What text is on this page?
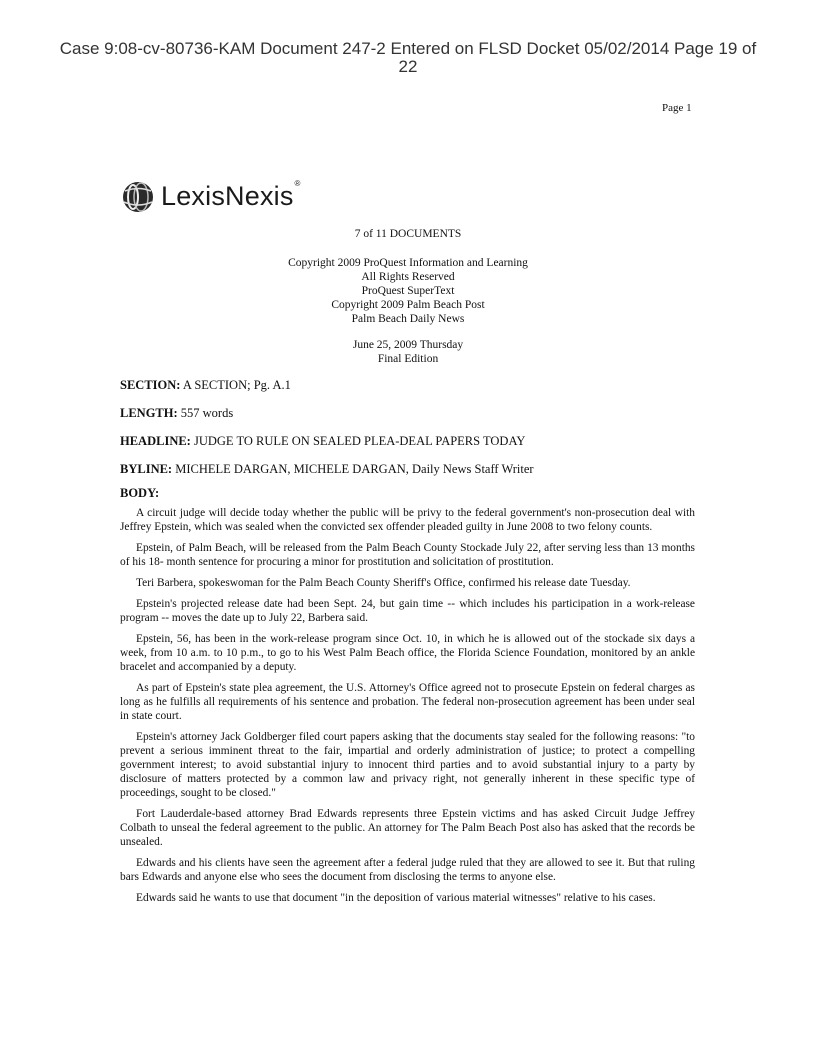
Case 9:08-cv-80736-KAM Document 247-2 Entered on FLSD Docket 05/02/2014 Page 19 of
22
Page 1
LexisNexis®
7 of 11 DOCUMENTS
Copyright 2009 ProQuest Information and Learning
All Rights Reserved
ProQuest SuperText
Copyright 2009 Palm Beach Post
Palm Beach Daily News
June 25, 2009 Thursday
Final Edition
SECTION: A SECTION; Pg. A.1
LENGTH: 557 words
HEADLINE: JUDGE TO RULE ON SEALED PLEA-DEAL PAPERS TODAY
BYLINE: MICHELE DARGAN, MICHELE DARGAN, Daily News Staff Writer
BODY:

A circuit judge will decide today whether the public will be privy to the federal government's non-prosecution deal with Jeffrey Epstein, which was sealed when the convicted sex offender pleaded guilty in June 2008 to two felony counts.

Epstein, of Palm Beach, will be released from the Palm Beach County Stockade July 22, after serving less than 13 months of his 18- month sentence for procuring a minor for prostitution and solicitation of prostitution.

Teri Barbera, spokeswoman for the Palm Beach County Sheriff's Office, confirmed his release date Tuesday.

Epstein's projected release date had been Sept. 24, but gain time -- which includes his participation in a work-release program -- moves the date up to July 22, Barbera said.

Epstein, 56, has been in the work-release program since Oct. 10, in which he is allowed out of the stockade six days a week, from 10 a.m. to 10 p.m., to go to his West Palm Beach office, the Florida Science Foundation, monitored by an ankle bracelet and accompanied by a deputy.

As part of Epstein's state plea agreement, the U.S. Attorney's Office agreed not to prosecute Epstein on federal charges as long as he fulfills all requirements of his sentence and probation. The federal non-prosecution agreement has been under seal in state court.

Epstein's attorney Jack Goldberger filed court papers asking that the documents stay sealed for the following reasons: "to prevent a serious imminent threat to the fair, impartial and orderly administration of justice; to protect a compelling government interest; to avoid substantial injury to innocent third parties and to avoid substantial injury to a party by disclosure of matters protected by a common law and privacy right, not generally inherent in these specific type of proceedings, sought to be closed."

Fort Lauderdale-based attorney Brad Edwards represents three Epstein victims and has asked Circuit Judge Jeffrey Colbath to unseal the federal agreement to the public. An attorney for The Palm Beach Post also has asked that the records be unsealed.

Edwards and his clients have seen the agreement after a federal judge ruled that they are allowed to see it. But that ruling bars Edwards and anyone else who sees the document from disclosing the terms to anyone else.

Edwards said he wants to use that document "in the deposition of various material witnesses" relative to his cases.
